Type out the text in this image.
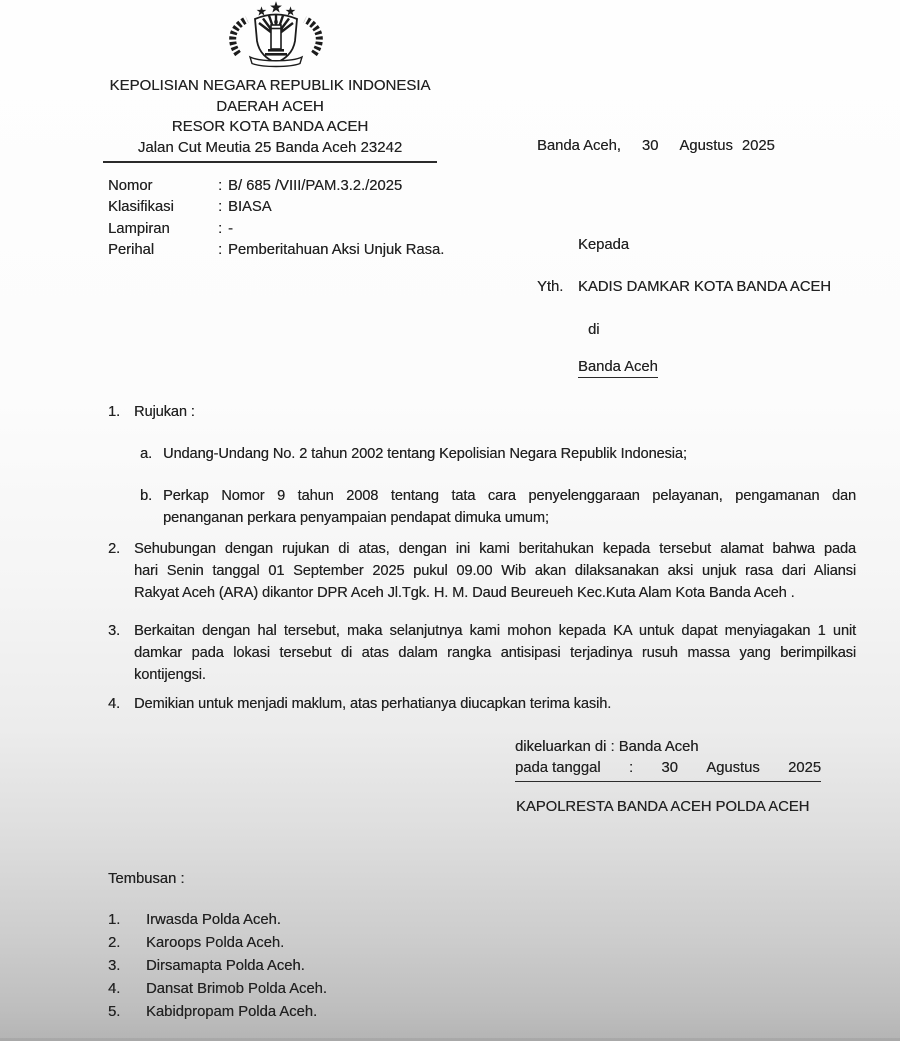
KEPOLISIAN NEGARA REPUBLIK INDONESIA
DAERAH ACEH
RESOR KOTA BANDA ACEH
Jalan Cut Meutia 25 Banda Aceh 23242	Banda Aceh, 30 Agustus 2025
Nomor	: B/ 685 /VIII/PAM.3.2./2025
Klasifikasi	: BIASA
Lampiran	: -
Perihal	: Pemberitahuan Aksi Unjuk Rasa.	Kepada
Yth. KADIS DAMKAR KOTA BANDA ACEH
di
Banda Aceh
1. Rujukan :
a. Undang-Undang No. 2 tahun 2002 tentang Kepolisian Negara Republik Indonesia;
b. Perkap Nomor 9 tahun 2008 tentang tata cara penyelenggaraan pelayanan, pengamanan dan
penanganan perkara penyampaian pendapat dimuka umum;
2. Sehubungan dengan rujukan di atas, dengan ini kami beritahukan kepada tersebut alamat bahwa pada
hari Senin tanggal 01 September 2025 pukul 09.00 Wib akan dilaksanakan aksi unjuk rasa dari Aliansi
Rakyat Aceh (ARA) dikantor DPR Aceh Jl.Tgk. H. M. Daud Beureueh Kec.Kuta Alam Kota Banda Aceh .
3. Berkaitan dengan hal tersebut, maka selanjutnya kami mohon kepada KA untuk dapat menyiagakan 1 unit
damkar pada lokasi tersebut di atas dalam rangka antisipasi terjadinya rusuh massa yang berimpilkasi
kontijengsi.
4. Demikian untuk menjadi maklum, atas perhatianya diucapkan terima kasih.
dikeluarkan di : Banda Aceh
pada tanggal : 30 Agustus 2025
KAPOLRESTA BANDA ACEH POLDA ACEH
Tembusan :
1.	Irwasda Polda Aceh.
2.	Karoops Polda Aceh.
3.	Dirsamapta Polda Aceh.
4.	Dansat Brimob Polda Aceh.
5.	Kabidpropam Polda Aceh.
